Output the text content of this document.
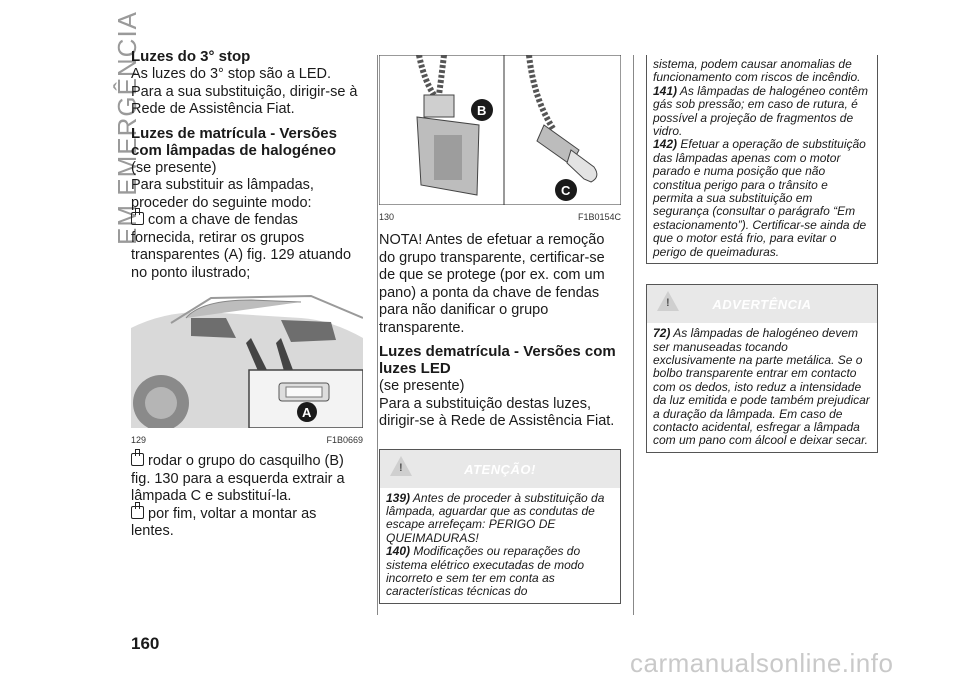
EM EMERGÊNCIA
Luzes do 3° stop

As luzes do 3° stop são a LED. Para a sua substituição, dirigir-se à Rede de Assistência Fiat.

Luzes de matrícula - Versões com lâmpadas de halogéneo

(se presente)

Para substituir as lâmpadas, proceder do seguinte modo:

com a chave de fendas fornecida, retirar os grupos transparentes (A) fig. 129 atuando no ponto ilustrado;

A
129	F1B0669

rodar o grupo do casquilho (B) fig. 130 para a esquerda extrair a lâmpada C e substituí-la.

por fim, voltar a montar as lentes.

B
C
130	F1B0154C

NOTA! Antes de efetuar a remoção do grupo transparente, certificar-se de que se protege (por ex. com um pano) a ponta da chave de fendas para não danificar o grupo transparente.

Luzes dematrícula - Versões com luzes LED

(se presente)

Para a substituição destas luzes, dirigir-se à Rede de Assistência Fiat.

!	ATENÇÃO!
139) Antes de proceder à substituição da lâmpada, aguardar que as condutas de escape arrefeçam: PERIGO DE QUEIMADURAS!
140) Modificações ou reparações do sistema elétrico executadas de modo incorreto e sem ter em conta as características técnicas do
sistema, podem causar anomalias de funcionamento com riscos de incêndio.
141) As lâmpadas de halogéneo contêm gás sob pressão; em caso de rutura, é possível a projeção de fragmentos de vidro.
142) Efetuar a operação de substituição das lâmpadas apenas com o motor parado e numa posição que não constitua perigo para o trânsito e permita a sua substituição em segurança (consultar o parágrafo “Em estacionamento”). Certificar-se ainda de que o motor está frio, para evitar o perigo de queimaduras.
!	ADVERTÊNCIA
72) As lâmpadas de halogéneo devem ser manuseadas tocando exclusivamente na parte metálica. Se o bolbo transparente entrar em contacto com os dedos, isto reduz a intensidade da luz emitida e pode também prejudicar a duração da lâmpada. Em caso de contacto acidental, esfregar a lâmpada com um pano com álcool e deixar secar.
160
carmanualsonline.info
